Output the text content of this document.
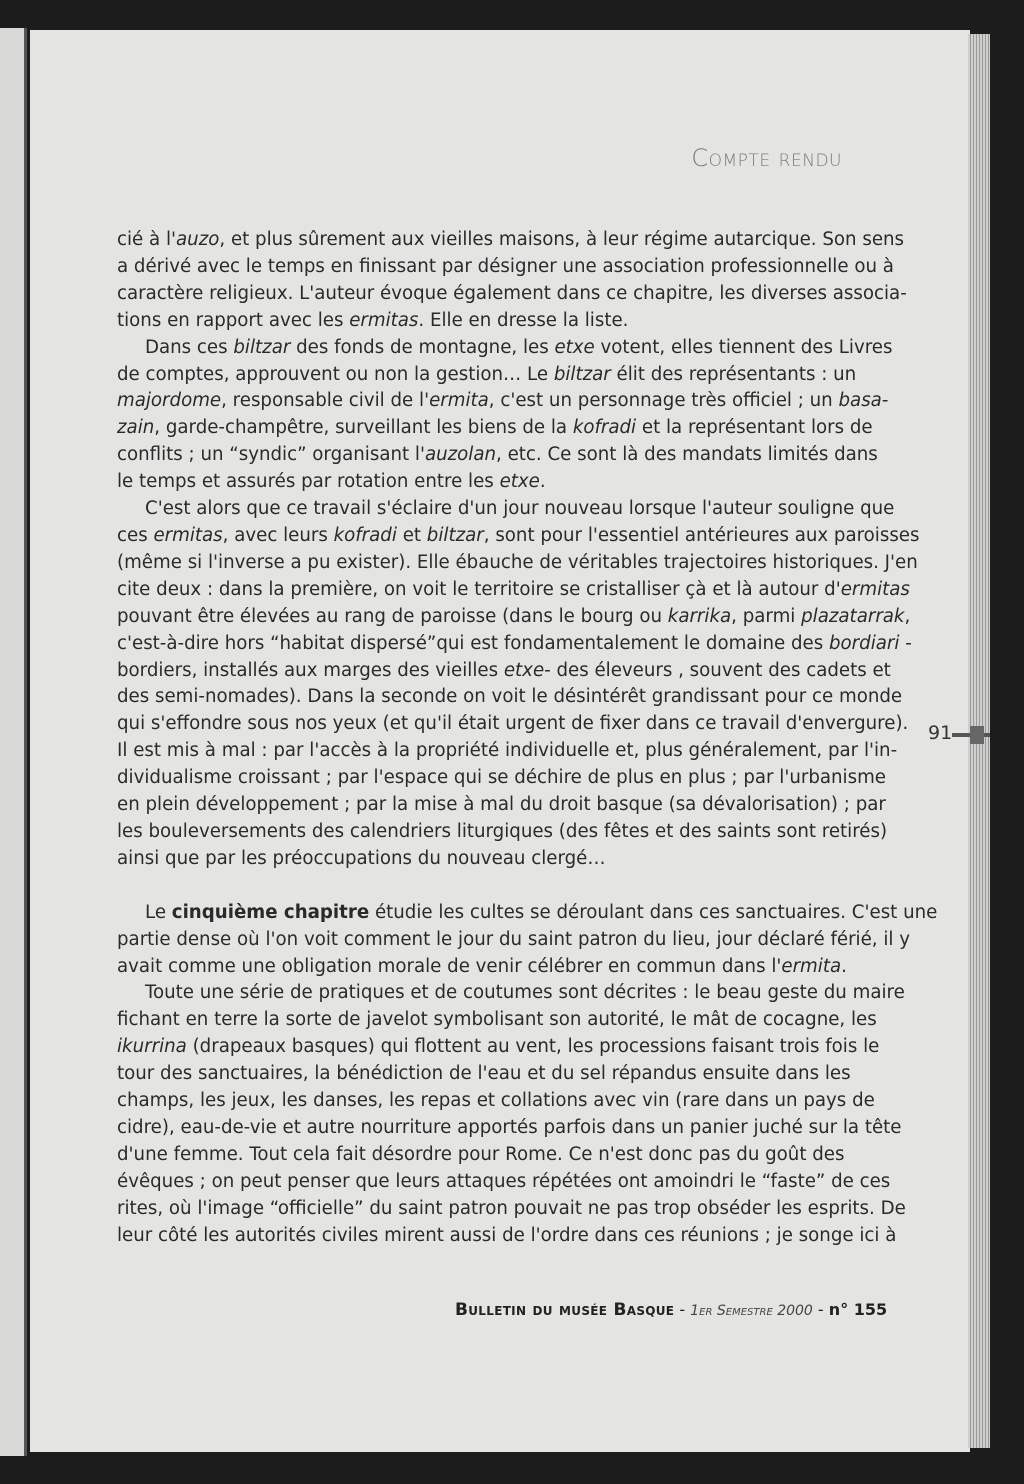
Compte rendu
cié à l'auzo, et plus sûrement aux vieilles maisons, à leur régime autarcique. Son sens
a dérivé avec le temps en finissant par désigner une association professionnelle ou à
caractère religieux. L'auteur évoque également dans ce chapitre, les diverses associa-
tions en rapport avec les ermitas. Elle en dresse la liste.
Dans ces biltzar des fonds de montagne, les etxe votent, elles tiennent des Livres
de comptes, approuvent ou non la gestion… Le biltzar élit des représentants : un
majordome, responsable civil de l'ermita, c'est un personnage très officiel ; un basa-
zain, garde-champêtre, surveillant les biens de la kofradi et la représentant lors de
conflits ; un “syndic” organisant l'auzolan, etc. Ce sont là des mandats limités dans
le temps et assurés par rotation entre les etxe.
C'est alors que ce travail s'éclaire d'un jour nouveau lorsque l'auteur souligne que
ces ermitas, avec leurs kofradi et biltzar, sont pour l'essentiel antérieures aux paroisses
(même si l'inverse a pu exister). Elle ébauche de véritables trajectoires historiques. J'en
cite deux : dans la première, on voit le territoire se cristalliser çà et là autour d'ermitas
pouvant être élevées au rang de paroisse (dans le bourg ou karrika, parmi plazatarrak,
c'est-à-dire hors “habitat dispersé”qui est fondamentalement le domaine des bordiari -
bordiers, installés aux marges des vieilles etxe- des éleveurs , souvent des cadets et
des semi-nomades). Dans la seconde on voit le désintérêt grandissant pour ce monde
qui s'effondre sous nos yeux (et qu'il était urgent de fixer dans ce travail d'envergure).
Il est mis à mal : par l'accès à la propriété individuelle et, plus généralement, par l'in-
dividualisme croissant ; par l'espace qui se déchire de plus en plus ; par l'urbanisme
en plein développement ; par la mise à mal du droit basque (sa dévalorisation) ; par
les bouleversements des calendriers liturgiques (des fêtes et des saints sont retirés)
ainsi que par les préoccupations du nouveau clergé…
Le cinquième chapitre étudie les cultes se déroulant dans ces sanctuaires. C'est une
partie dense où l'on voit comment le jour du saint patron du lieu, jour déclaré férié, il y
avait comme une obligation morale de venir célébrer en commun dans l'ermita.
Toute une série de pratiques et de coutumes sont décrites : le beau geste du maire
fichant en terre la sorte de javelot symbolisant son autorité, le mât de cocagne, les
ikurrina (drapeaux basques) qui flottent au vent, les processions faisant trois fois le
tour des sanctuaires, la bénédiction de l'eau et du sel répandus ensuite dans les
champs, les jeux, les danses, les repas et collations avec vin (rare dans un pays de
cidre), eau-de-vie et autre nourriture apportés parfois dans un panier juché sur la tête
d'une femme. Tout cela fait désordre pour Rome. Ce n'est donc pas du goût des
évêques ; on peut penser que leurs attaques répétées ont amoindri le “faste” de ces
rites, où l'image “officielle” du saint patron pouvait ne pas trop obséder les esprits. De
leur côté les autorités civiles mirent aussi de l'ordre dans ces réunions ; je songe ici à
91
Bulletin du musée Basque - 1er Semestre 2000 - n° 155
